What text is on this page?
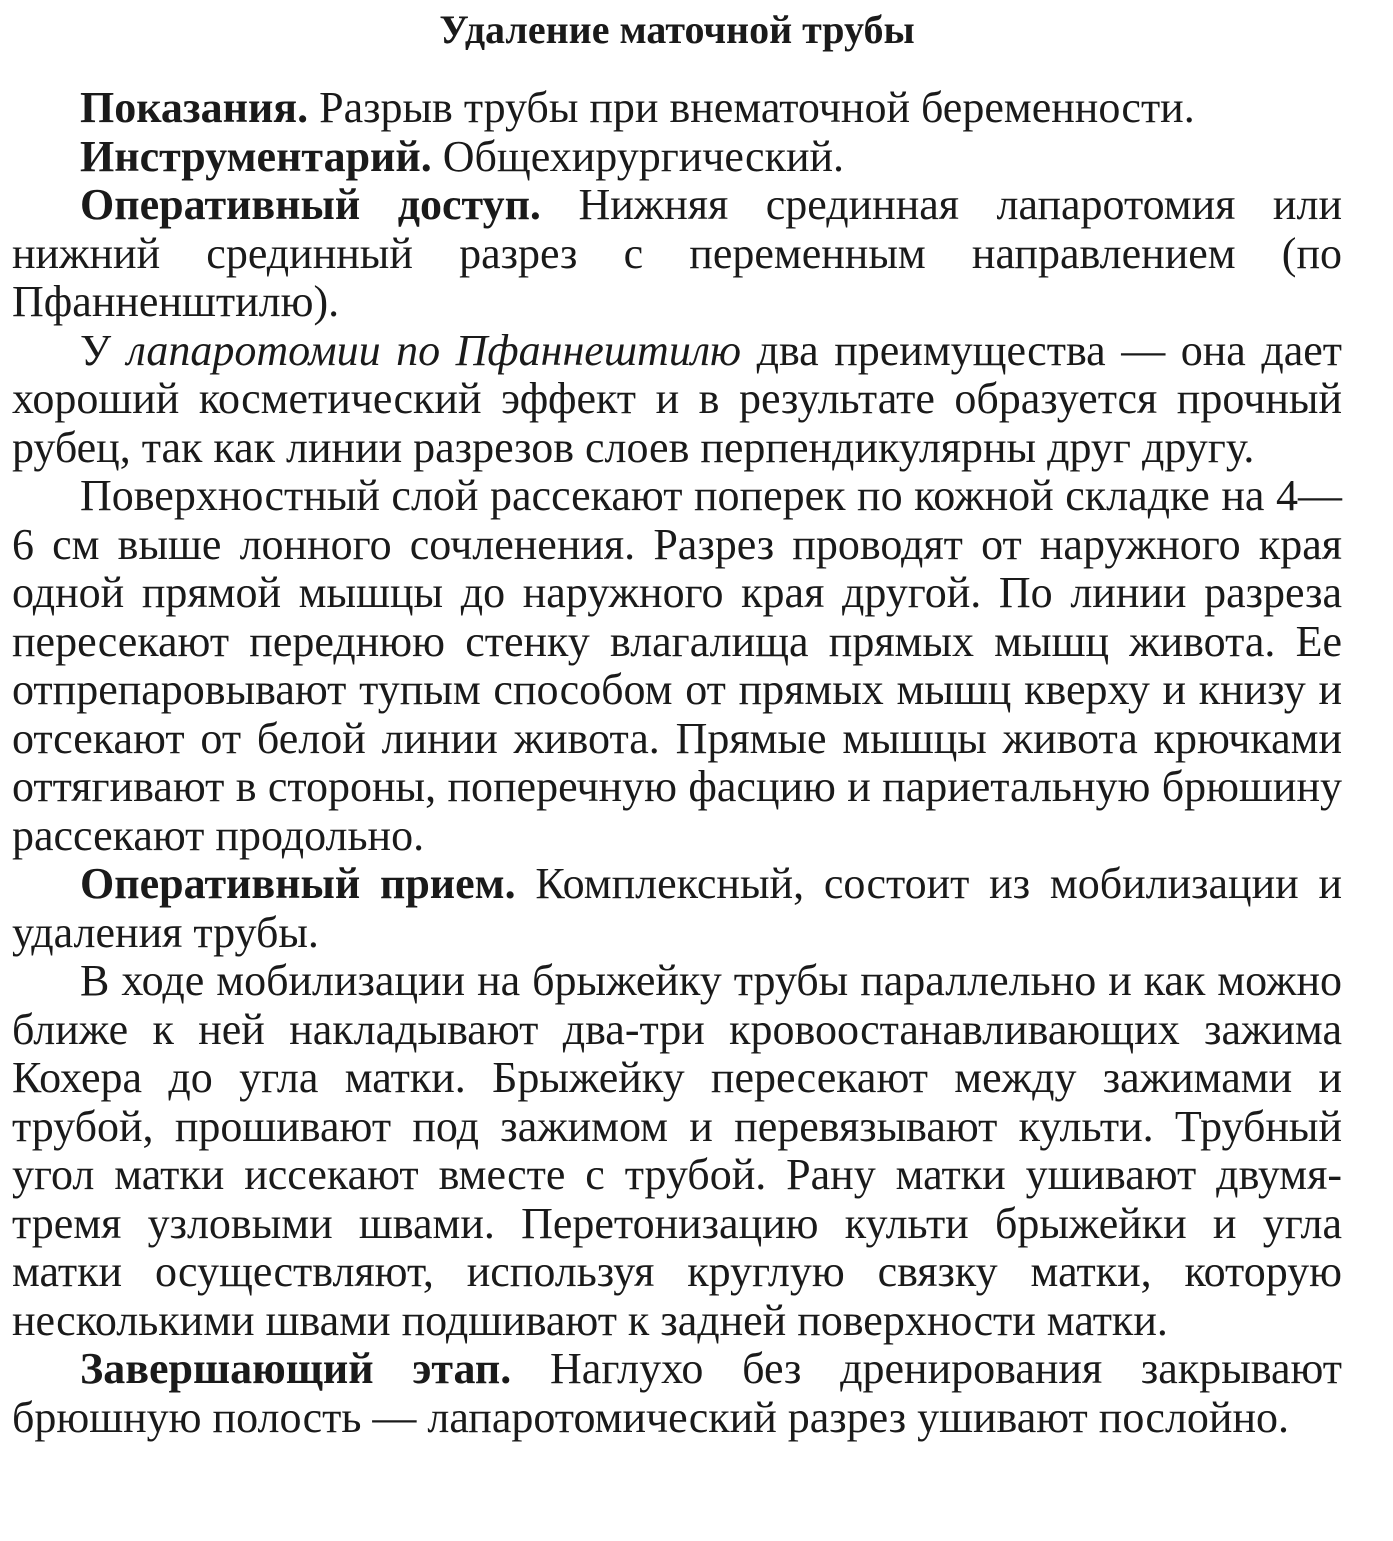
Удаление маточной трубы

Показания. Разрыв трубы при внематочной беременности.

Инструментарий. Общехирургический.

Оперативный доступ. Нижняя срединная лапаротомия или нижний срединный разрез с переменным направлением (по Пфанненштилю).

У лапаротомии по Пфаннештилю два преимущества — она дает хороший косметический эффект и в результате образуется прочный рубец, так как линии разрезов слоев перпендикулярны друг другу.

Поверхностный слой рассекают поперек по кожной складке на 4—6 см выше лонного сочленения. Разрез проводят от наружного края одной прямой мышцы до наружного края другой. По линии разреза пересекают переднюю стенку влагалища прямых мышц живота. Ее отпрепаровывают тупым способом от прямых мышц кверху и книзу и отсекают от белой линии живота. Прямые мышцы живота крючками оттягивают в стороны, поперечную фасцию и париетальную брюшину рассекают продольно.

Оперативный прием. Комплексный, состоит из мобилизации и удаления трубы.

В ходе мобилизации на брыжейку трубы параллельно и как можно ближе к ней накладывают два-три кровоостанавливающих зажима Кохера до угла матки. Брыжейку пересекают между зажимами и трубой, прошивают под зажимом и перевязывают культи. Трубный угол матки иссекают вместе с трубой. Рану матки ушивают двумя-тремя узловыми швами. Перетонизацию культи брыжейки и угла матки осуществляют, используя круглую связку матки, которую несколькими швами подшивают к задней поверхности матки.

Завершающий этап. Наглухо без дренирования закрывают брюшную полость — лапаротомический разрез ушивают послойно.
